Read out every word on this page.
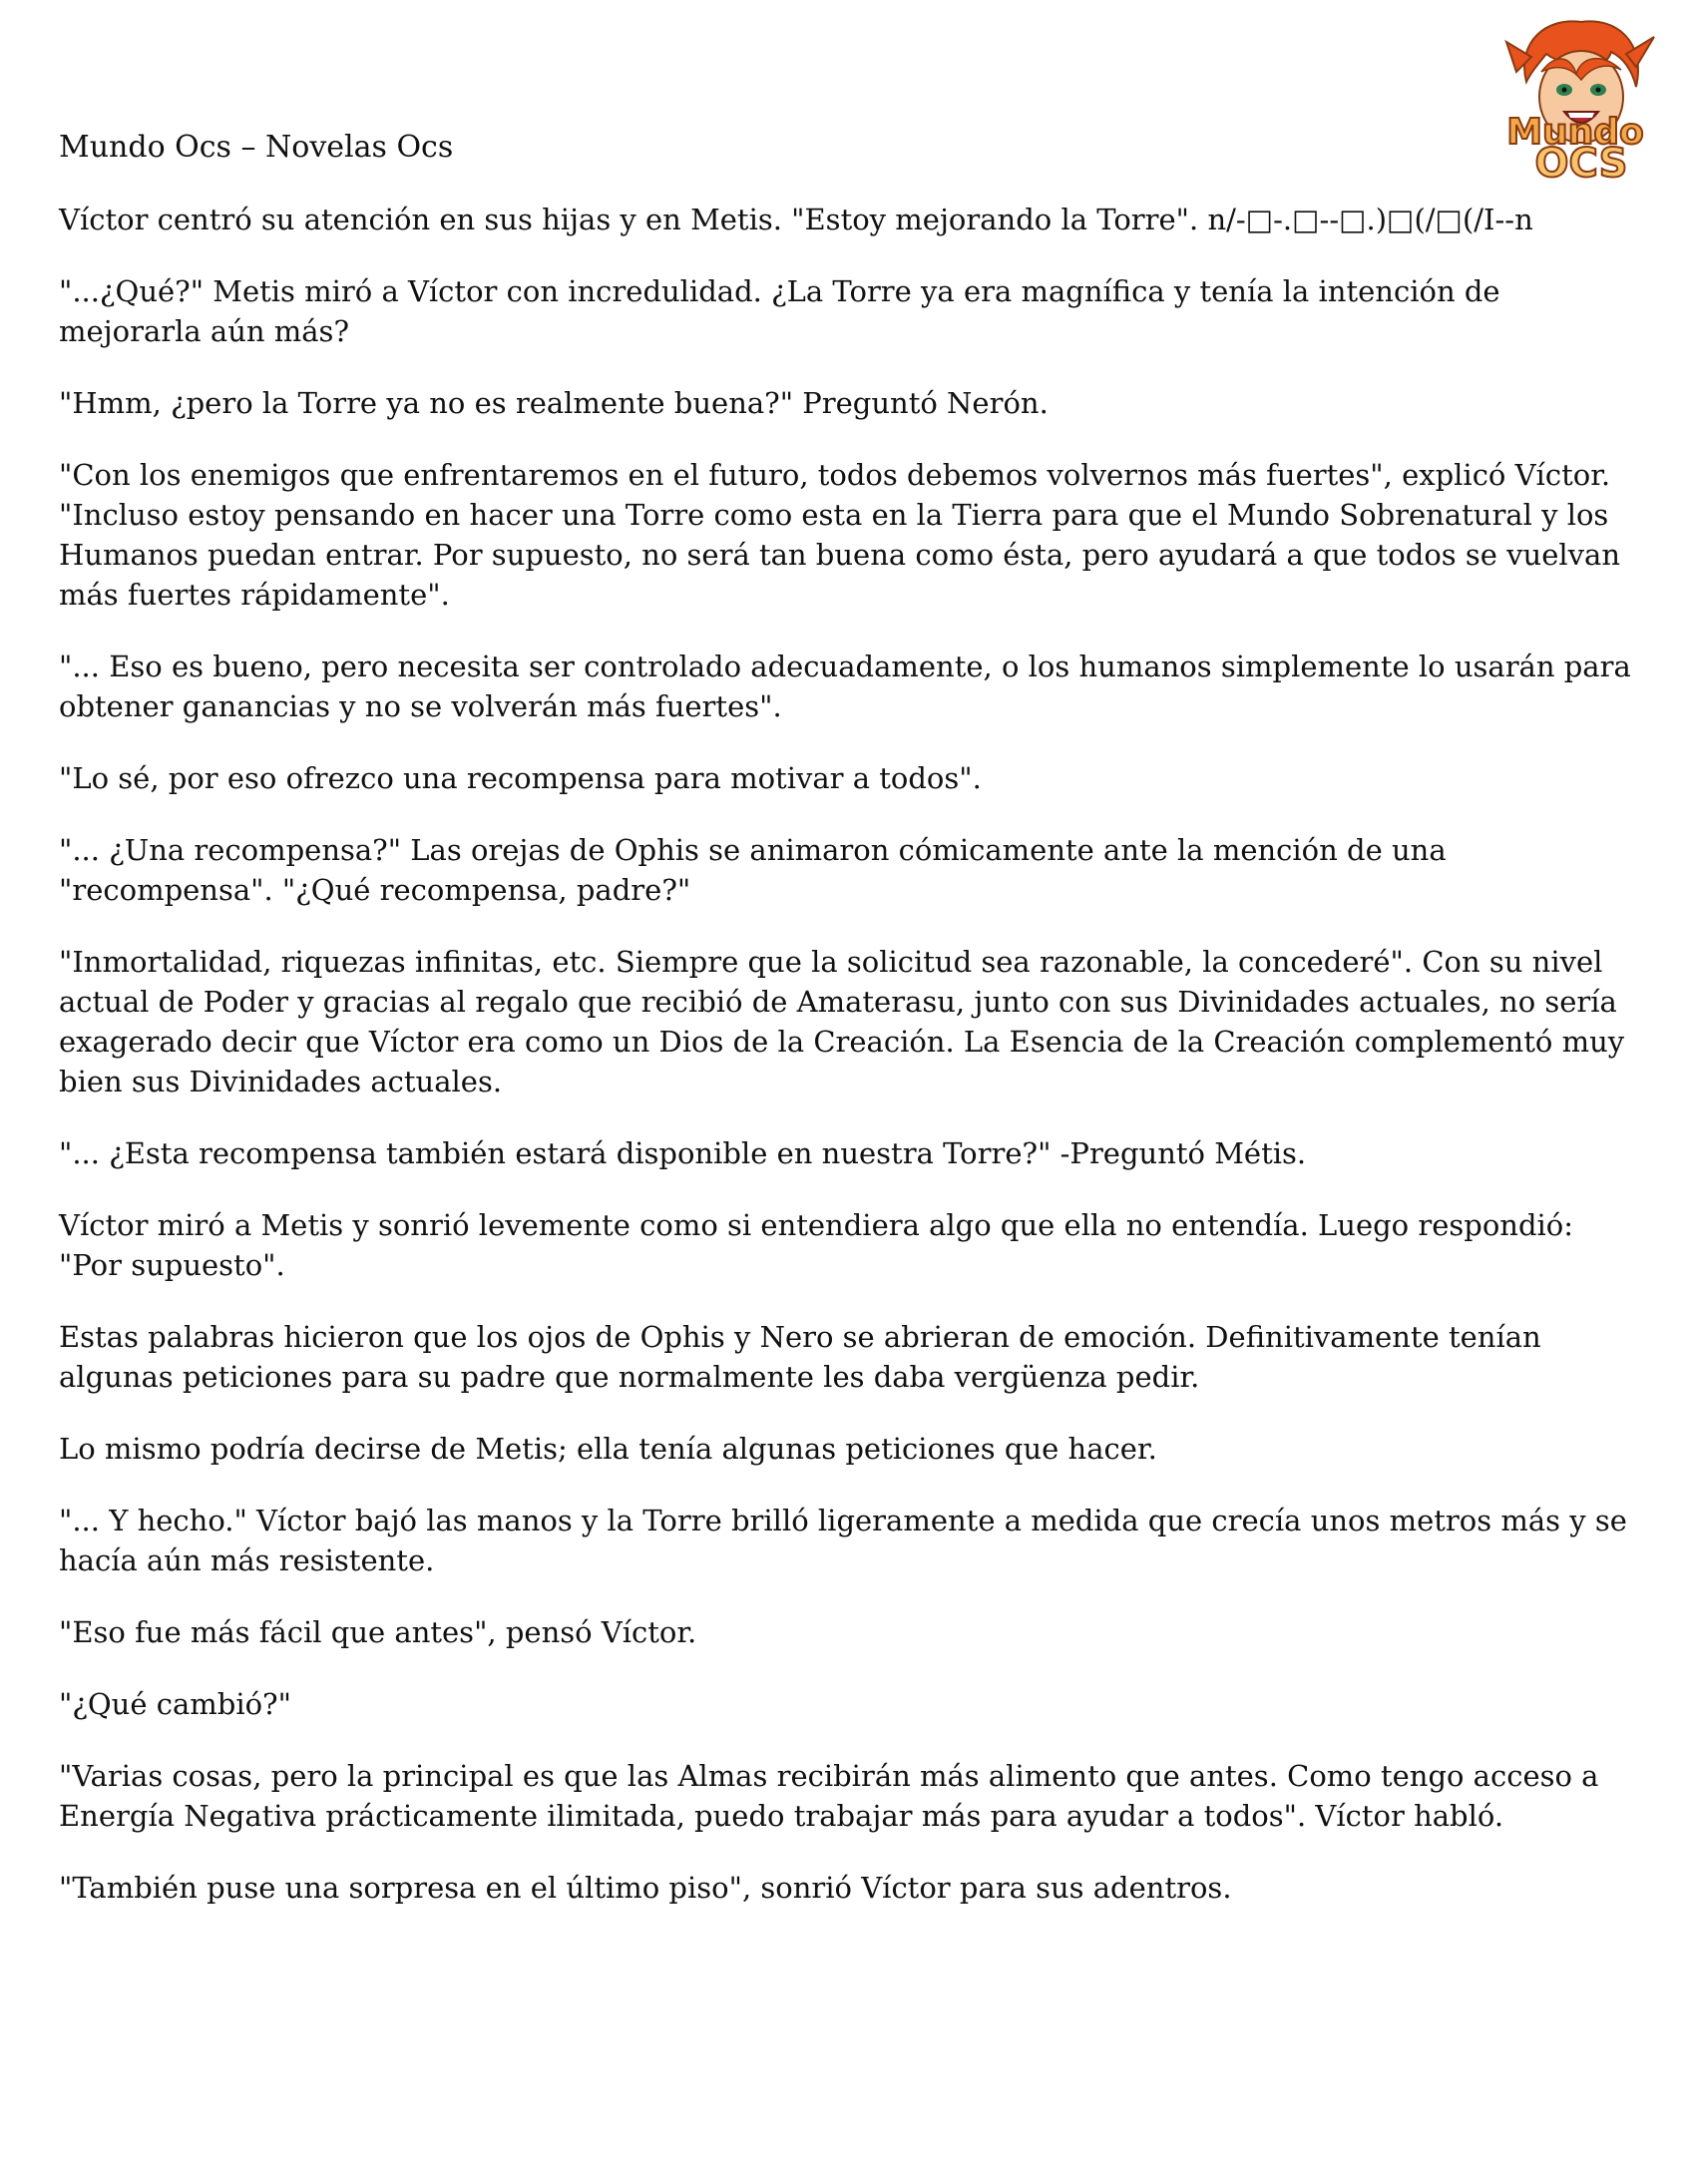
Mundo
OCS
Mundo Ocs – Novelas Ocs

Víctor centró su atención en sus hijas y en Metis. "Estoy mejorando la Torre". n/-□-.□--□.)□(/□(/I--n

"...¿Qué?" Metis miró a Víctor con incredulidad. ¿La Torre ya era magnífica y tenía la intención de mejorarla aún más?

"Hmm, ¿pero la Torre ya no es realmente buena?" Preguntó Nerón.

"Con los enemigos que enfrentaremos en el futuro, todos debemos volvernos más fuertes", explicó Víctor. "Incluso estoy pensando en hacer una Torre como esta en la Tierra para que el Mundo Sobrenatural y los Humanos puedan entrar. Por supuesto, no será tan buena como ésta, pero ayudará a que todos se vuelvan más fuertes rápidamente".

"... Eso es bueno, pero necesita ser controlado adecuadamente, o los humanos simplemente lo usarán para obtener ganancias y no se volverán más fuertes".

"Lo sé, por eso ofrezco una recompensa para motivar a todos".

"... ¿Una recompensa?" Las orejas de Ophis se animaron cómicamente ante la mención de una "recompensa". "¿Qué recompensa, padre?"

"Inmortalidad, riquezas infinitas, etc. Siempre que la solicitud sea razonable, la concederé". Con su nivel actual de Poder y gracias al regalo que recibió de Amaterasu, junto con sus Divinidades actuales, no sería exagerado decir que Víctor era como un Dios de la Creación. La Esencia de la Creación complementó muy bien sus Divinidades actuales.

"... ¿Esta recompensa también estará disponible en nuestra Torre?" -Preguntó Métis.

Víctor miró a Metis y sonrió levemente como si entendiera algo que ella no entendía. Luego respondió: "Por supuesto".

Estas palabras hicieron que los ojos de Ophis y Nero se abrieran de emoción. Definitivamente tenían algunas peticiones para su padre que normalmente les daba vergüenza pedir.

Lo mismo podría decirse de Metis; ella tenía algunas peticiones que hacer.

"... Y hecho." Víctor bajó las manos y la Torre brilló ligeramente a medida que crecía unos metros más y se hacía aún más resistente.

"Eso fue más fácil que antes", pensó Víctor.

"¿Qué cambió?"

"Varias cosas, pero la principal es que las Almas recibirán más alimento que antes. Como tengo acceso a Energía Negativa prácticamente ilimitada, puedo trabajar más para ayudar a todos". Víctor habló.

"También puse una sorpresa en el último piso", sonrió Víctor para sus adentros.
